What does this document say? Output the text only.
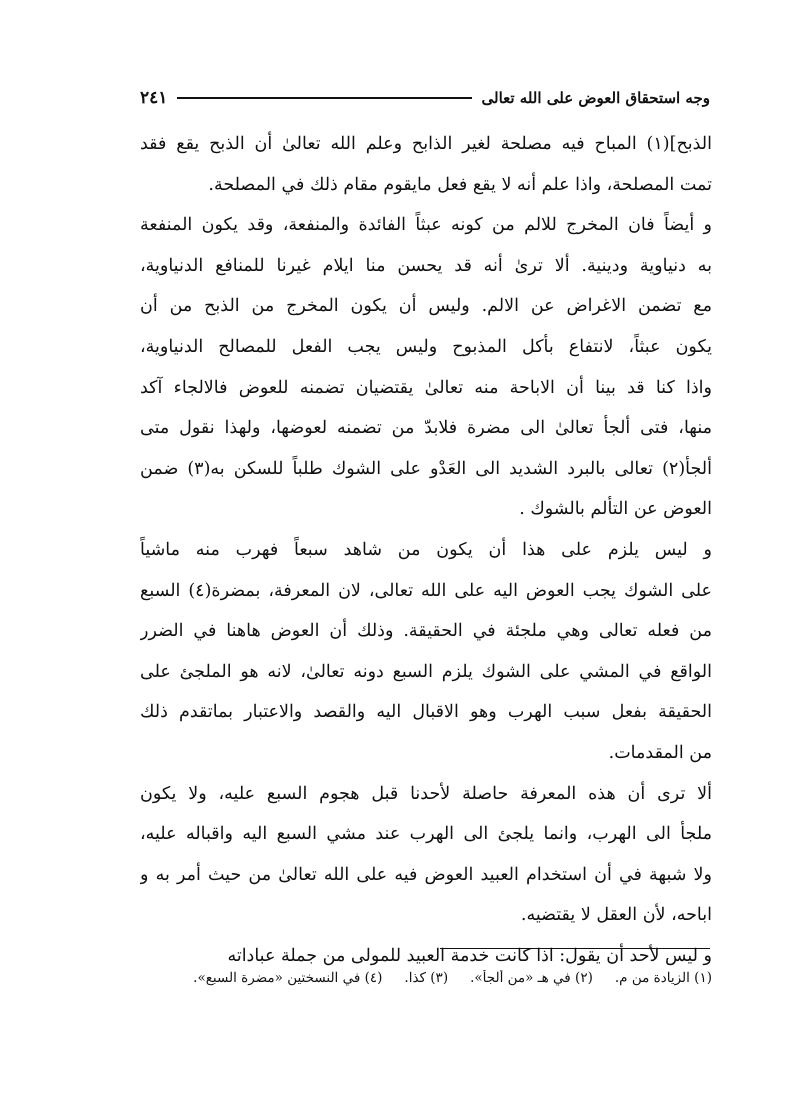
وجه استحقاق العوض على الله تعالى
٢٤١
الذبح](١) المباح فيه مصلحة لغير الذابح وعلم الله تعالىٰ أن الذبح يقع فقد
تمت المصلحة، واذا علم أنه لا يقع فعل مايقوم مقام ذلك في المصلحة.
و أيضاً فان المخرج للالم من كونه عبثاً الفائدة والمنفعة، وقد يكون المنفعة
به دنياوية ودينية. ألا ترىٰ أنه قد يحسن منا ايلام غيرنا للمنافع الدنياوية،
مع تضمن الاغراض عن الالم. وليس أن يكون المخرج من الذبح من أن
يكون عبثاً، لانتفاع بأكل المذبوح وليس يجب الفعل للمصالح الدنياوية،
واذا كنا قد بينا أن الاباحة منه تعالىٰ يقتضيان تضمنه للعوض فالالجاء آكد
منها، فتى ألجأ تعالىٰ الى مضرة فلابدّ من تضمنه لعوضها، ولهذا نقول متى
ألجأ(٢) تعالى بالبرد الشديد الى العَدْو على الشوك طلباً للسكن به(٣) ضمن
العوض عن التألم بالشوك .
و ليس يلزم على هذا أن يكون من شاهد سبعاً فهرب منه ماشياً
على الشوك يجب العوض اليه على الله تعالى، لان المعرفة، بمضرة(٤) السبع
من فعله تعالى وهي ملجئة في الحقيقة. وذلك أن العوض هاهنا في الضرر
الواقع في المشي على الشوك يلزم السبع دونه تعالىٰ، لانه هو الملجئ على
الحقيقة بفعل سبب الهرب وهو الاقبال اليه والقصد والاعتبار بماتقدم ذلك
من المقدمات.
ألا ترى أن هذه المعرفة حاصلة لأحدنا قبل هجوم السبع عليه، ولا يكون
ملجأ الى الهرب، وانما يلجئ الى الهرب عند مشي السبع اليه واقباله عليه،
ولا شبهة في أن استخدام العبيد العوض فيه على الله تعالىٰ من حيث أمر به و
اباحه، لأن العقل لا يقتضيه.
و ليس لأحد أن يقول: اذا كانت خدمة العبيد للمولى من جملة عباداته
(١) الزيادة من م.
(٢) في هـ «من ألجأ».
(٣) كذا.
(٤) في النسختين «مضرة السبع».
